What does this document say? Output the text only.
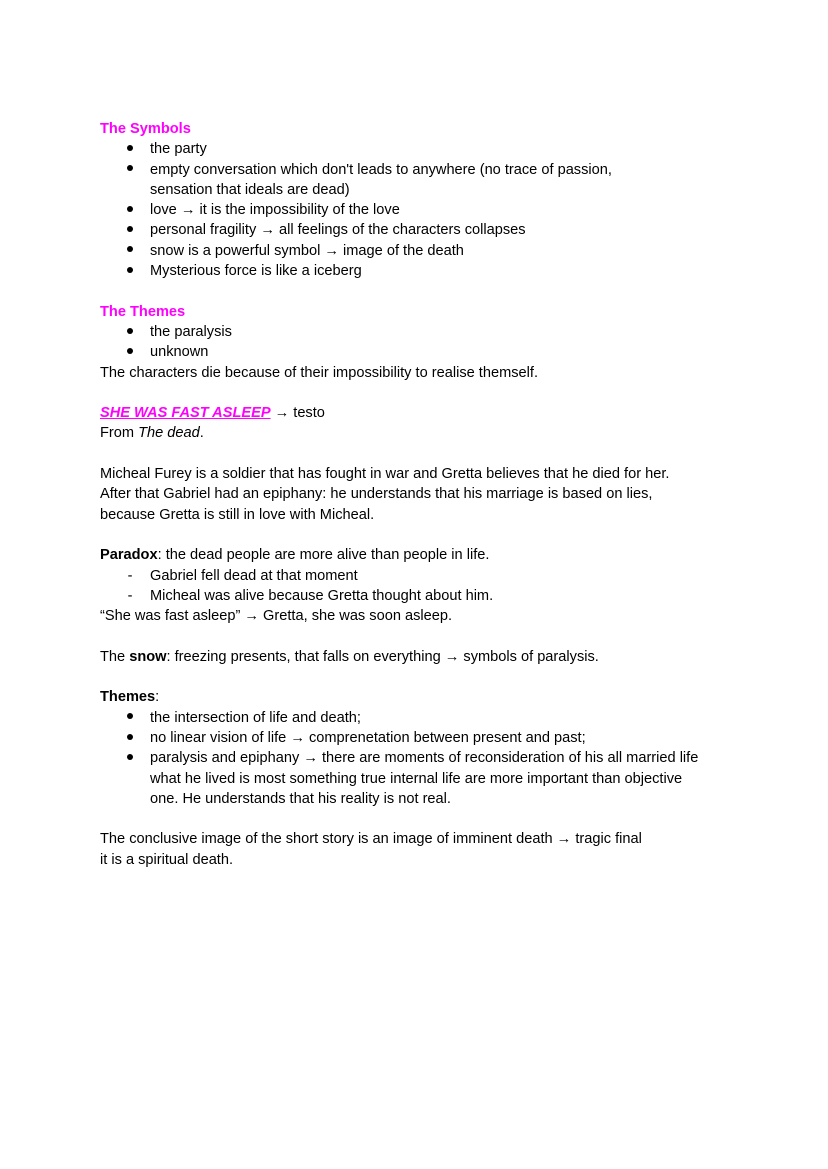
The Symbols
the party
empty conversation which don't leads to anywhere (no trace of passion,
sensation that ideals are dead)
love → it is the impossibility of the love
personal fragility → all feelings of the characters collapses
snow is a powerful symbol → image of the death
Mysterious force is like a iceberg
The Themes
the paralysis
unknown
The characters die because of their impossibility to realise themself.
SHE WAS FAST ASLEEP → testo
From The dead.
Micheal Furey is a soldier that has fought in war and Gretta believes that he died for her.
After that Gabriel had an epiphany: he understands that his marriage is based on lies,
because Gretta is still in love with Micheal.
Paradox: the dead people are more alive than people in life.
- Gabriel fell dead at that moment
- Micheal was alive because Gretta thought about him.
“She was fast asleep” → Gretta, she was soon asleep.
The snow: freezing presents, that falls on everything → symbols of paralysis.
Themes:
the intersection of life and death;
no linear vision of life → comprenetation between present and past;
paralysis and epiphany → there are moments of reconsideration of his all married life
what he lived is most something true internal life are more important than objective
one. He understands that his reality is not real.
The conclusive image of the short story is an image of imminent death → tragic final
it is a spiritual death.
